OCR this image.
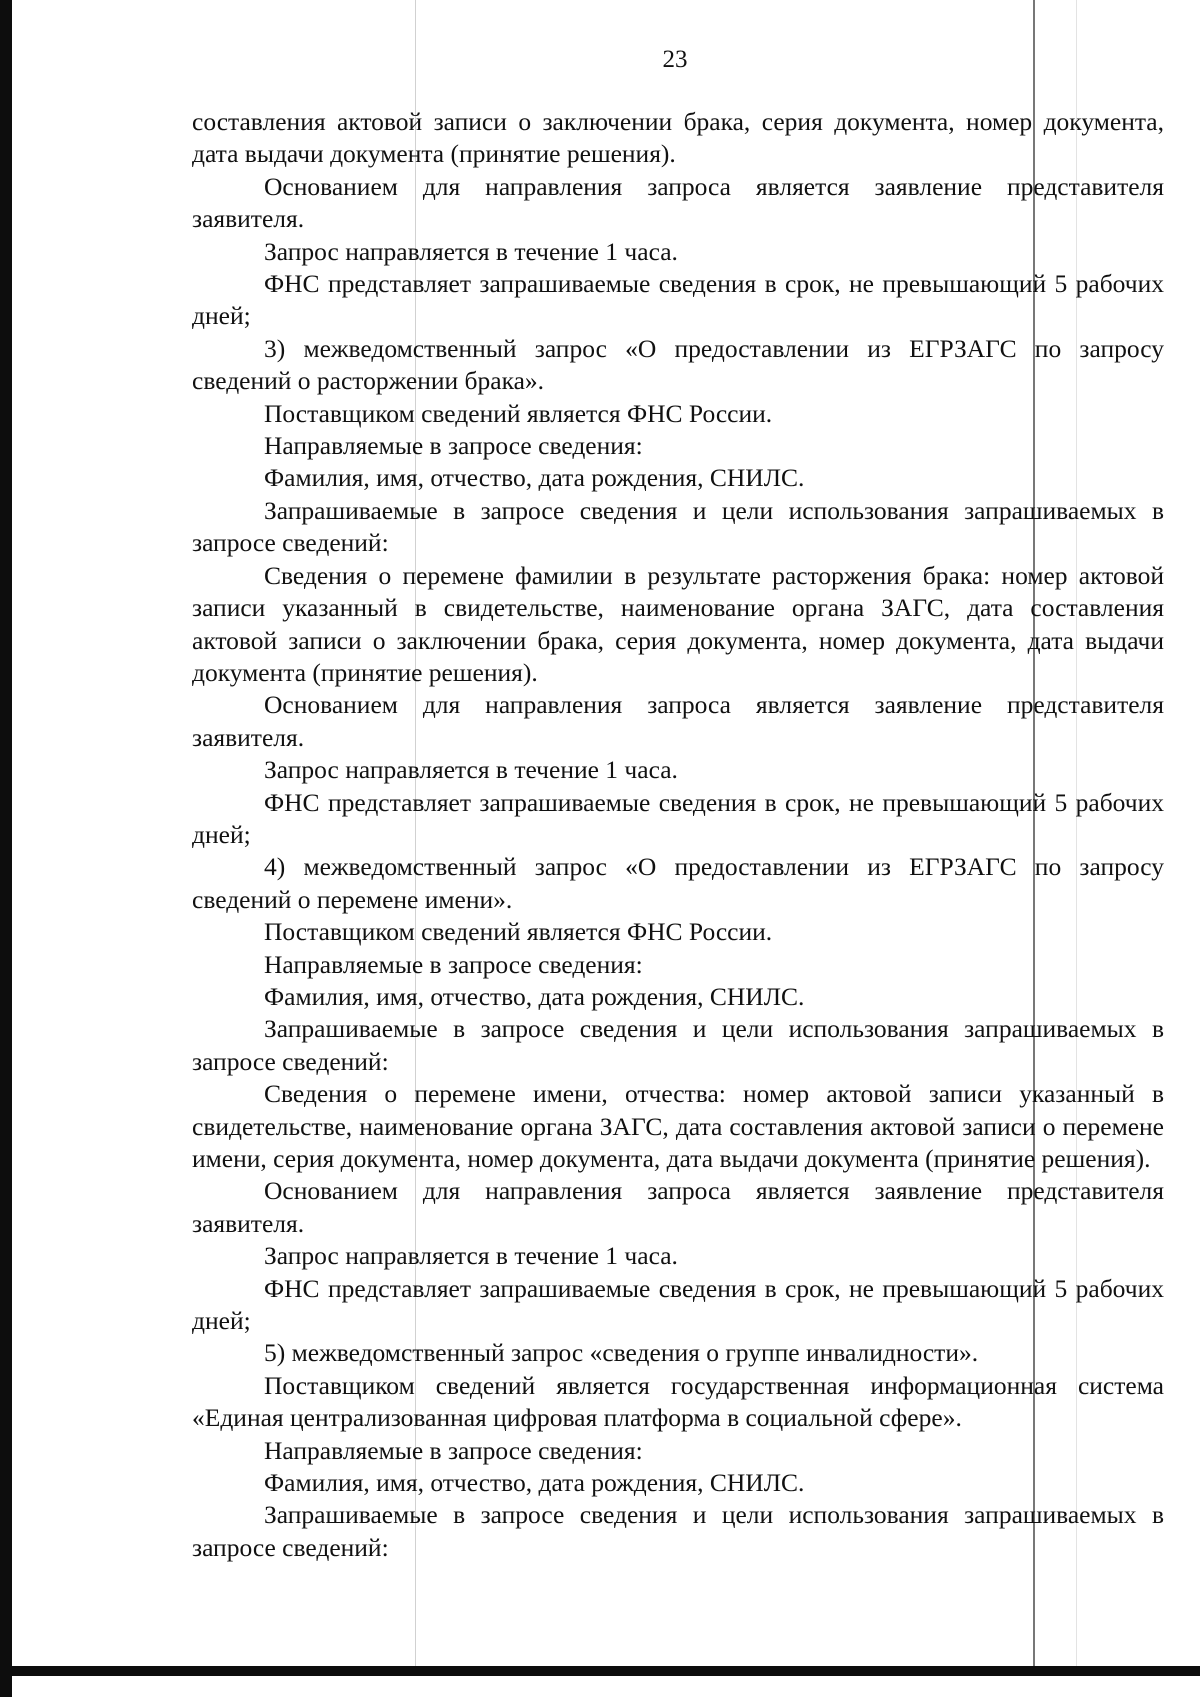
23

составления актовой записи о заключении брака, серия документа, номер документа, дата выдачи документа (принятие решения).

Основанием для направления запроса является заявление представителя заявителя.

Запрос направляется в течение 1 часа.

ФНС представляет запрашиваемые сведения в срок, не превышающий 5 рабочих дней;

3) межведомственный запрос «О предоставлении из ЕГРЗАГС по запросу сведений о расторжении брака».

Поставщиком сведений является ФНС России.

Направляемые в запросе сведения:

Фамилия, имя, отчество, дата рождения, СНИЛС.

Запрашиваемые в запросе сведения и цели использования запрашиваемых в запросе сведений:

Сведения о перемене фамилии в результате расторжения брака: номер актовой записи указанный в свидетельстве, наименование органа ЗАГС, дата составления актовой записи о заключении брака, серия документа, номер документа, дата выдачи документа (принятие решения).

Основанием для направления запроса является заявление представителя заявителя.

Запрос направляется в течение 1 часа.

ФНС представляет запрашиваемые сведения в срок, не превышающий 5 рабочих дней;

4) межведомственный запрос «О предоставлении из ЕГРЗАГС по запросу сведений о перемене имени».

Поставщиком сведений является ФНС России.

Направляемые в запросе сведения:

Фамилия, имя, отчество, дата рождения, СНИЛС.

Запрашиваемые в запросе сведения и цели использования запрашиваемых в запросе сведений:

Сведения о перемене имени, отчества: номер актовой записи указанный в свидетельстве, наименование органа ЗАГС, дата составления актовой записи о перемене имени, серия документа, номер документа, дата выдачи документа (принятие решения).

Основанием для направления запроса является заявление представителя заявителя.

Запрос направляется в течение 1 часа.

ФНС представляет запрашиваемые сведения в срок, не превышающий 5 рабочих дней;

5) межведомственный запрос «сведения о группе инвалидности».

Поставщиком сведений является государственная информационная система «Единая централизованная цифровая платформа в социальной сфере».

Направляемые в запросе сведения:

Фамилия, имя, отчество, дата рождения, СНИЛС.

Запрашиваемые в запросе сведения и цели использования запрашиваемых в запросе сведений:
